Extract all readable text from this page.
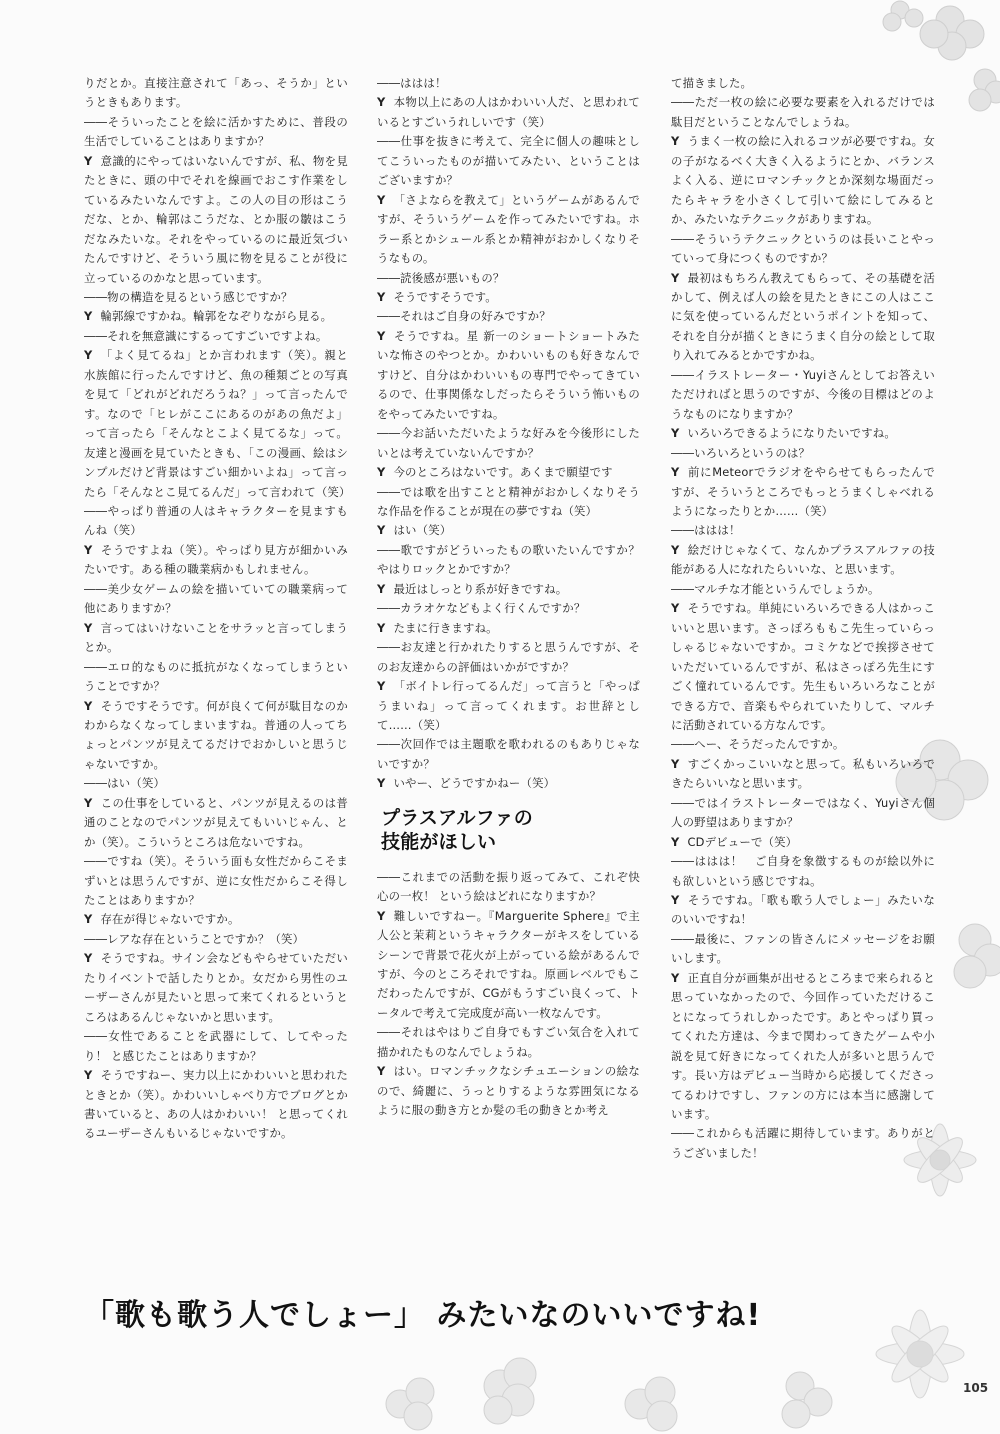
りだとか。直接注意されて「あっ、そうか」というときもあります。

――そういったことを絵に活かすために、普段の生活でしていることはありますか？

Y 意識的にやってはいないんですが、私、物を見たときに、頭の中でそれを線画でおこす作業をしているみたいなんですよ。この人の目の形はこうだな、とか、輪郭はこうだな、とか服の皺はこうだなみたいな。それをやっているのに最近気づいたんですけど、そういう風に物を見ることが役に立っているのかなと思っています。

――物の構造を見るという感じですか？

Y 輪郭線ですかね。輪郭をなぞりながら見る。

――それを無意識にするってすごいですよね。

Y 「よく見てるね」とか言われます（笑）。親と水族館に行ったんですけど、魚の種類ごとの写真を見て「どれがどれだろうね？」って言ったんです。なので「ヒレがここにあるのがあの魚だよ」って言ったら「そんなとこよく見てるな」って。友達と漫画を見ていたときも、「この漫画、絵はシンプルだけど背景はすごい細かいよね」って言ったら「そんなとこ見てるんだ」って言われて（笑）

――やっぱり普通の人はキャラクターを見ますもんね（笑）

Y そうですよね（笑）。やっぱり見方が細かいみたいです。ある種の職業病かもしれません。

――美少女ゲームの絵を描いていての職業病って他にありますか？

Y 言ってはいけないことをサラッと言ってしまうとか。

――エロ的なものに抵抗がなくなってしまうということですか？

Y そうですそうです。何が良くて何が駄目なのかわからなくなってしまいますね。普通の人ってちょっとパンツが見えてるだけでおかしいと思うじゃないですか。

――はい（笑）

Y この仕事をしていると、パンツが見えるのは普通のことなのでパンツが見えてもいいじゃん、とか（笑）。こういうところは危ないですね。

――ですね（笑）。そういう面も女性だからこそまずいとは思うんですが、逆に女性だからこそ得したことはありますか？

Y 存在が得じゃないですか。

――レアな存在ということですか？（笑）

Y そうですね。サイン会などもやらせていただいたりイベントで話したりとか。女だから男性のユーザーさんが見たいと思って来てくれるというところはあるんじゃないかと思います。

――女性であることを武器にして、してやったり！ と感じたことはありますか？

Y そうですねー、実力以上にかわいいと思われたときとか（笑）。かわいいしゃべり方でブログとか書いていると、あの人はかわいい！ と思ってくれるユーザーさんもいるじゃないですか。

――ははは！

Y 本物以上にあの人はかわいい人だ、と思われているとすごいうれしいです（笑）

――仕事を抜きに考えて、完全に個人の趣味としてこういったものが描いてみたい、ということはございますか？

Y 「さよならを教えて」というゲームがあるんですが、そういうゲームを作ってみたいですね。ホラー系とかシュール系とか精神がおかしくなりそうなもの。

――読後感が悪いもの？

Y そうですそうです。

――それはご自身の好みですか？

Y そうですね。星 新一のショートショートみたいな怖さのやつとか。かわいいものも好きなんですけど、自分はかわいいもの専門でやってきているので、仕事関係なしだったらそういう怖いものをやってみたいですね。

――今お話いただいたような好みを今後形にしたいとは考えていないんですか？

Y 今のところはないです。あくまで願望です

――では歌を出すことと精神がおかしくなりそうな作品を作ることが現在の夢ですね（笑）

Y はい（笑）

――歌ですがどういったもの歌いたいんですか？　やはりロックとかですか？

Y 最近はしっとり系が好きですね。

――カラオケなどもよく行くんですか？

Y たまに行きますね。

――お友達と行かれたりすると思うんですが、そのお友達からの評価はいかがですか？

Y 「ボイトレ行ってるんだ」って言うと「やっぱうまいね」って言ってくれます。お世辞として……（笑）

――次回作では主題歌を歌われるのもありじゃないですか？

Y いやー、どうですかねー（笑）

プラスアルファの
技能がほしい

――これまでの活動を振り返ってみて、これぞ快心の一枚！ という絵はどれになりますか？

Y 難しいですねー。『Marguerite Sphere』で主人公と茉莉というキャラクターがキスをしているシーンで背景で花火が上がっている絵があるんですが、今のところそれですね。原画レベルでもこだわったんですが、CGがもうすごい良くって、トータルで考えて完成度が高い一枚なんです。

――それはやはりご自身でもすごい気合を入れて描かれたものなんでしょうね。

Y はい。ロマンチックなシチュエーションの絵なので、綺麗に、うっとりするような雰囲気になるように服の動き方とか髪の毛の動きとか考え

て描きました。

――ただ一枚の絵に必要な要素を入れるだけでは駄目だということなんでしょうね。

Y うまく一枚の絵に入れるコツが必要ですね。女の子がなるべく大きく入るようにとか、バランスよく入る、逆にロマンチックとか深刻な場面だったらキャラを小さくして引いて絵にしてみるとか、みたいなテクニックがありますね。

――そういうテクニックというのは長いことやっていって身につくものですか？

Y 最初はもちろん教えてもらって、その基礎を活かして、例えば人の絵を見たときにこの人はここに気を使っているんだというポイントを知って、それを自分が描くときにうまく自分の絵として取り入れてみるとかですかね。

――イラストレーター・Yuyiさんとしてお答えいただければと思うのですが、今後の目標はどのようなものになりますか？

Y いろいろできるようになりたいですね。

――いろいろというのは？

Y 前にMeteorでラジオをやらせてもらったんですが、そういうところでもっとうまくしゃべれるようになったりとか……（笑）

――ははは！

Y 絵だけじゃなくて、なんかプラスアルファの技能がある人になれたらいいな、と思います。

――マルチな才能というんでしょうか。

Y そうですね。単純にいろいろできる人はかっこいいと思います。さっぽろももこ先生っていらっしゃるじゃないですか。コミケなどで挨拶させていただいているんですが、私はさっぽろ先生にすごく憧れているんです。先生もいろいろなことができる方で、音楽もやられていたりして、マルチに活動されている方なんです。

――へー、そうだったんですか。

Y すごくかっこいいなと思って。私もいろいろできたらいいなと思います。

――ではイラストレーターではなく、Yuyiさん個人の野望はありますか？

Y CDデビューで（笑）

――ははは！　ご自身を象徴するものが絵以外にも欲しいという感じですね。

Y そうですね。「歌も歌う人でしょー」みたいなのいいですね！

――最後に、ファンの皆さんにメッセージをお願いします。

Y 正直自分が画集が出せるところまで来られると思っていなかったので、今回作っていただけることになってうれしかったです。あとやっぱり買ってくれた方達は、今まで関わってきたゲームや小説を見て好きになってくれた人が多いと思うんです。長い方はデビュー当時から応援してくださってるわけですし、ファンの方には本当に感謝しています。

――これからも活躍に期待しています。ありがとうございました！

「歌も歌う人でしょー」 みたいなのいいですね!
105
